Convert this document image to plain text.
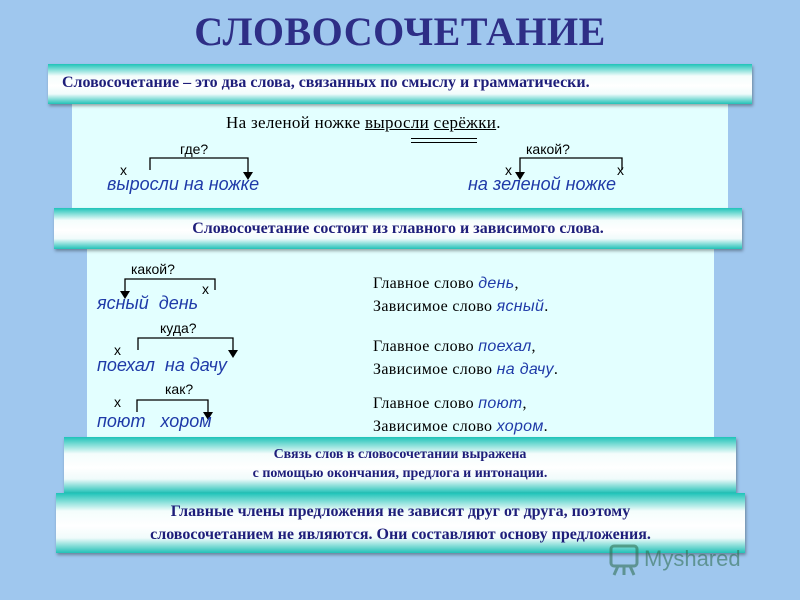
СЛОВОСОЧЕТАНИЕ
Словосочетание – это два слова, связанных по смыслу и грамматически.
На зеленой ножке выросли серёжки.
где?
х
выросли на ножке
какой?
х	х
на зеленой ножке
Словосочетание состоит из главного и зависимого слова.
какой?
х
ясный день
Главное слово день,
Зависимое слово ясный.
куда?
х
поехал на дачу
Главное слово поехал,
Зависимое слово на дачу.
как?
х
поют хором
Главное слово поют,
Зависимое слово хором.
Связь слов в словосочетании выражена
с помощью окончания, предлога и интонации.
Главные члены предложения не зависят друг от друга, поэтому
словосочетанием не являются. Они составляют основу предложения.
Myshared
